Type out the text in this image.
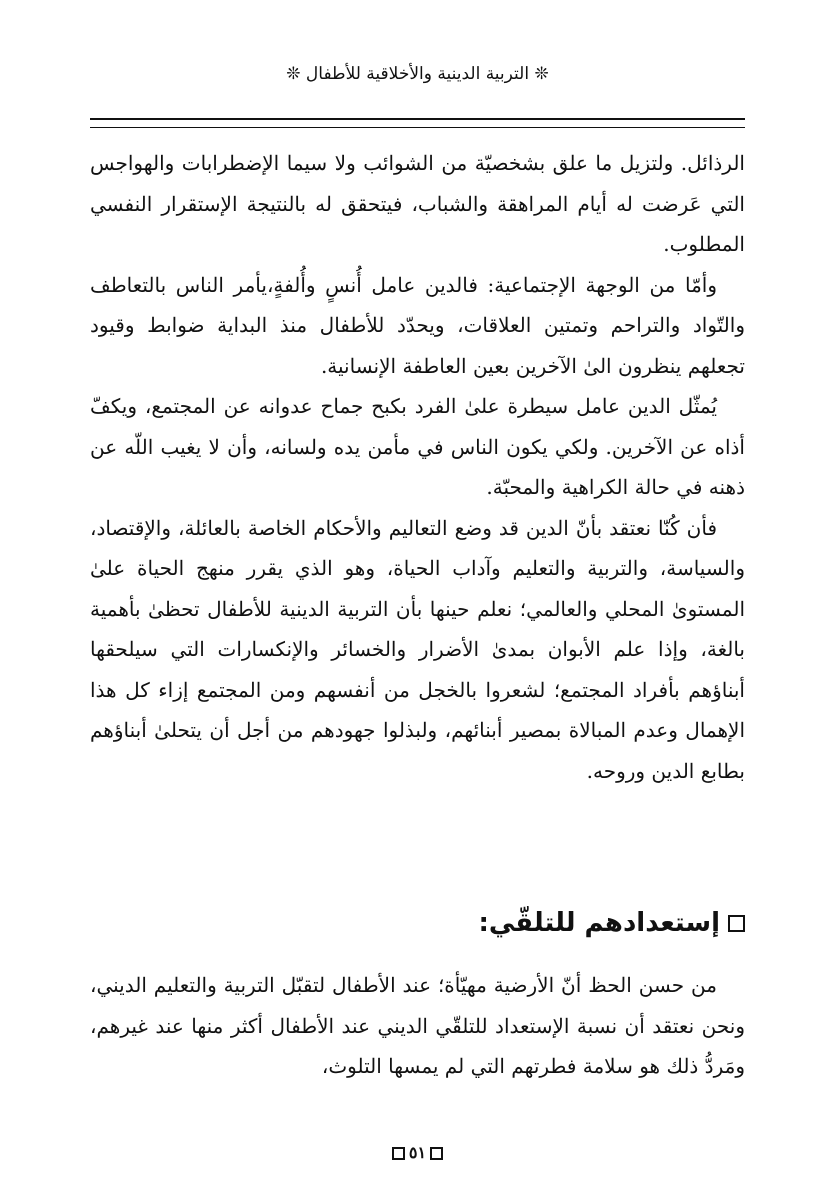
❊ التربية الدينية والأخلاقية للأطفال ❊

الرذائل. ولتزيل ما علق بشخصيّة من الشوائب ولا سيما الإضطرابات والهواجس التي عَرضت له أيام المراهقة والشباب، فيتحقق له بالنتيجة الإستقرار النفسي المطلوب.

وأمّا من الوجهة الإجتماعية: فالدين عامل أُنسٍ وأُلفةٍ،يأمر الناس بالتعاطف والتّواد والتراحم وتمتين العلاقات، ويحدّد للأطفال منذ البداية ضوابط وقيود تجعلهم ينظرون الىٰ الآخرين بعين العاطفة الإنسانية.

يُمثّل الدين عامل سيطرة علىٰ الفرد بكبح جماح عدوانه عن المجتمع، ويكفّ أذاه عن الآخرين. ولكي يكون الناس في مأمن يده ولسانه، وأن لا يغيب اللّه عن ذهنه في حالة الكراهية والمحبّة.

فأن كُنّا نعتقد بأنّ الدين قد وضع التعاليم والأحكام الخاصة بالعائلة، والإقتصاد، والسياسة، والتربية والتعليم وآداب الحياة، وهو الذي يقرر منهج الحياة علىٰ المستوىٰ المحلي والعالمي؛ نعلم حينها بأن التربية الدينية للأطفال تحظىٰ بأهمية بالغة، وإذا علم الأبوان بمدىٰ الأضرار والخسائر والإنكسارات التي سيلحقها أبناؤهم بأفراد المجتمع؛ لشعروا بالخجل من أنفسهم ومن المجتمع إزاء كل هذا الإهمال وعدم المبالاة بمصير أبنائهم، ولبذلوا جهودهم من أجل أن يتحلىٰ أبناؤهم بطابع الدين وروحه.

إستعدادهم للتلقّي:

من حسن الحظ أنّ الأرضية مهيّأة؛ عند الأطفال لتقبّل التربية والتعليم الديني، ونحن نعتقد أن نسبة الإستعداد للتلقّي الديني عند الأطفال أكثر منها عند غيرهم، ومَردُّ ذلك هو سلامة فطرتهم التي لم يمسها التلوث،

٥١
